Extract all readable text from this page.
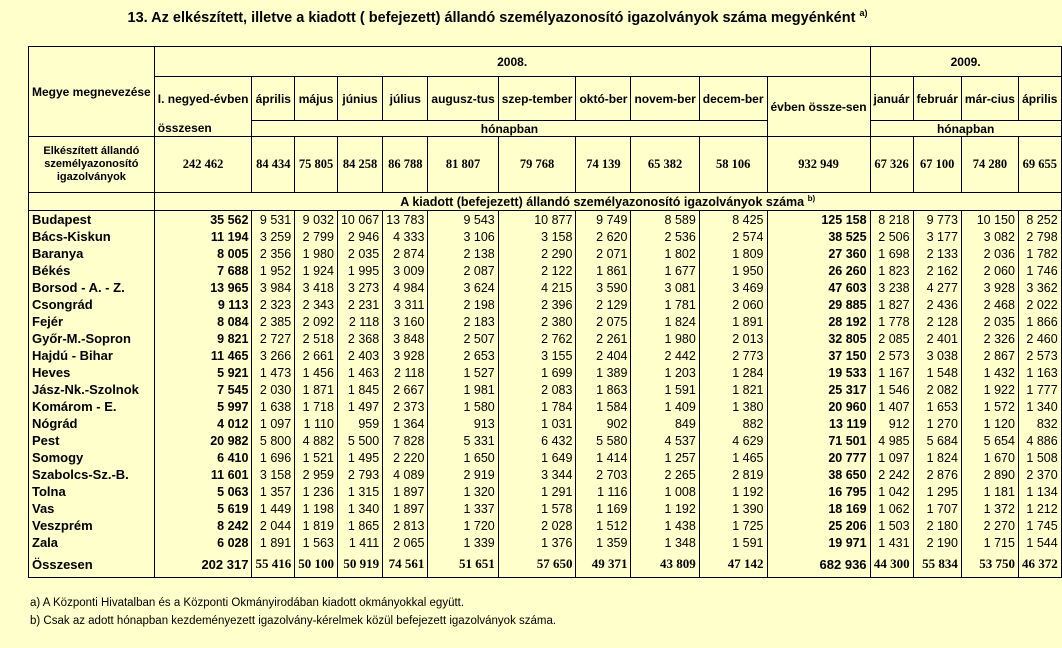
13. Az elkészített, illetve a kiadott ( befejezett) állandó személyazonosító igazolványok száma megyénként $^{a)}$
Megye megnevezése	2008.											2009.			
	I. negyed-évben	április	május	június	július	augusz-tus	szep-tember	októ-ber	novem-ber	decem-ber	évben össze-sen	január	február	már-cius	április
	összesen	hónapban										hónapban			
Elkészített állandó személyazonosító igazolványok	242 462	84 434	75 805	84 258	86 788	81 807	79 768	74 139	65 382	58 106	932 949	67 326	67 100	74 280	69 655
	A kiadott (befejezett) állandó személyazonosító igazolványok száma $^{b)}$
Budapest	35 562	9 531	9 032	10 067	13 783	9 543	10 877	9 749	8 589	8 425	125 158	8 218	9 773	10 150	8 252
Bács-Kiskun	11 194	3 259	2 799	2 946	4 333	3 106	3 158	2 620	2 536	2 574	38 525	2 506	3 177	3 082	2 798
Baranya	8 005	2 356	1 980	2 035	2 874	2 138	2 290	2 071	1 802	1 809	27 360	1 698	2 133	2 036	1 782
Békés	7 688	1 952	1 924	1 995	3 009	2 087	2 122	1 861	1 677	1 950	26 260	1 823	2 162	2 060	1 746
Borsod - A. - Z.	13 965	3 984	3 418	3 273	4 984	3 624	4 215	3 590	3 081	3 469	47 603	3 238	4 277	3 928	3 362
Csongrád	9 113	2 323	2 343	2 231	3 311	2 198	2 396	2 129	1 781	2 060	29 885	1 827	2 436	2 468	2 022
Fejér	8 084	2 385	2 092	2 118	3 160	2 183	2 380	2 075	1 824	1 891	28 192	1 778	2 128	2 035	1 866
Győr-M.-Sopron	9 821	2 727	2 518	2 368	3 848	2 507	2 762	2 261	1 980	2 013	32 805	2 085	2 401	2 326	2 460
Hajdú - Bihar	11 465	3 266	2 661	2 403	3 928	2 653	3 155	2 404	2 442	2 773	37 150	2 573	3 038	2 867	2 573
Heves	5 921	1 473	1 456	1 463	2 118	1 527	1 699	1 389	1 203	1 284	19 533	1 167	1 548	1 432	1 163
Jász-Nk.-Szolnok	7 545	2 030	1 871	1 845	2 667	1 981	2 083	1 863	1 591	1 821	25 317	1 546	2 082	1 922	1 777
Komárom - E.	5 997	1 638	1 718	1 497	2 373	1 580	1 784	1 584	1 409	1 380	20 960	1 407	1 653	1 572	1 340
Nógrád	4 012	1 097	1 110	959	1 364	913	1 031	902	849	882	13 119	912	1 270	1 120	832
Pest	20 982	5 800	4 882	5 500	7 828	5 331	6 432	5 580	4 537	4 629	71 501	4 985	5 684	5 654	4 886
Somogy	6 410	1 696	1 521	1 495	2 220	1 650	1 649	1 414	1 257	1 465	20 777	1 097	1 824	1 670	1 508
Szabolcs-Sz.-B.	11 601	3 158	2 959	2 793	4 089	2 919	3 344	2 703	2 265	2 819	38 650	2 242	2 876	2 890	2 370
Tolna	5 063	1 357	1 236	1 315	1 897	1 320	1 291	1 116	1 008	1 192	16 795	1 042	1 295	1 181	1 134
Vas	5 619	1 449	1 198	1 340	1 897	1 337	1 578	1 169	1 192	1 390	18 169	1 062	1 707	1 372	1 212
Veszprém	8 242	2 044	1 819	1 865	2 813	1 720	2 028	1 512	1 438	1 725	25 206	1 503	2 180	2 270	1 745
Zala	6 028	1 891	1 563	1 411	2 065	1 339	1 376	1 359	1 348	1 591	19 971	1 431	2 190	1 715	1 544
Összesen	202 317	55 416	50 100	50 919	74 561	51 651	57 650	49 371	43 809	47 142	682 936	44 300	55 834	53 750	46 372
a) A Központi Hivatalban és a Központi Okmányirodában kiadott okmányokkal együtt.
b) Csak az adott hónapban kezdeményezett igazolvány-kérelmek közül befejezett igazolványok száma.
